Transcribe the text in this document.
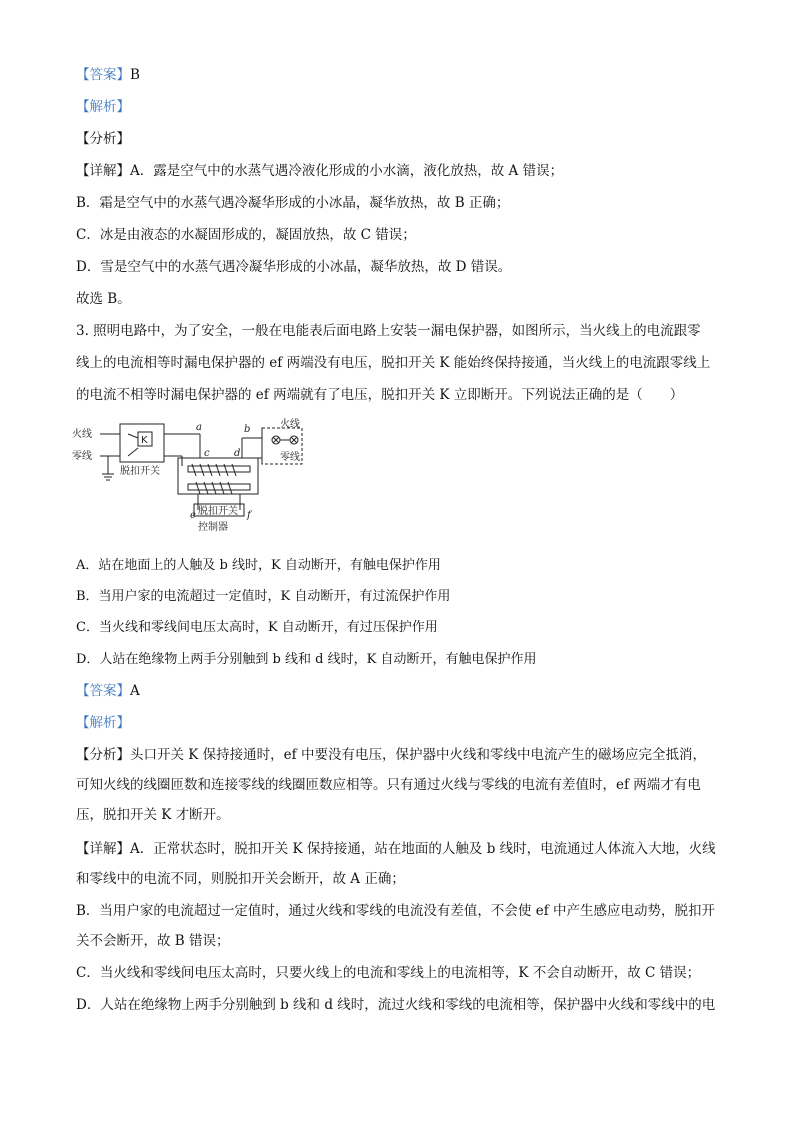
【答案】B
【解析】
【分析】
【详解】A．露是空气中的水蒸气遇冷液化形成的小水滴，液化放热，故 A 错误；
B．霜是空气中的水蒸气遇冷凝华形成的小冰晶，凝华放热，故 B 正确；
C．冰是由液态的水凝固形成的，凝固放热，故 C 错误；
D．雪是空气中的水蒸气遇冷凝华形成的小冰晶，凝华放热，故 D 错误。
故选 B。
3. 照明电路中，为了安全，一般在电能表后面电路上安装一漏电保护器，如图所示，当火线上的电流跟零
线上的电流相等时漏电保护器的 ef 两端没有电压，脱扣开关 K 能始终保持接通，当火线上的电流跟零线上
的电流不相等时漏电保护器的 ef 两端就有了电压，脱扣开关 K 立即断开。下列说法正确的是（　　）
火线
零线
K
脱扣开关
a	b
c d
e	f
火线
零线
脱扣开关
控制器
A．站在地面上的人触及 b 线时，K 自动断开，有触电保护作用
B．当用户家的电流超过一定值时，K 自动断开，有过流保护作用
C．当火线和零线间电压太高时，K 自动断开，有过压保护作用
D．人站在绝缘物上两手分别触到 b 线和 d 线时，K 自动断开，有触电保护作用
【答案】A
【解析】
【分析】头口开关 K 保持接通时，ef 中要没有电压，保护器中火线和零线中电流产生的磁场应完全抵消，
可知火线的线圈匝数和连接零线的线圈匝数应相等。只有通过火线与零线的电流有差值时，ef 两端才有电
压，脱扣开关 K 才断开。
【详解】A．正常状态时，脱扣开关 K 保持接通，站在地面的人触及 b 线时，电流通过人体流入大地，火线
和零线中的电流不同，则脱扣开关会断开，故 A 正确；
B．当用户家的电流超过一定值时，通过火线和零线的电流没有差值，不会使 ef 中产生感应电动势，脱扣开
关不会断开，故 B 错误；
C．当火线和零线间电压太高时，只要火线上的电流和零线上的电流相等，K 不会自动断开，故 C 错误；
D．人站在绝缘物上两手分别触到 b 线和 d 线时，流过火线和零线的电流相等，保护器中火线和零线中的电
